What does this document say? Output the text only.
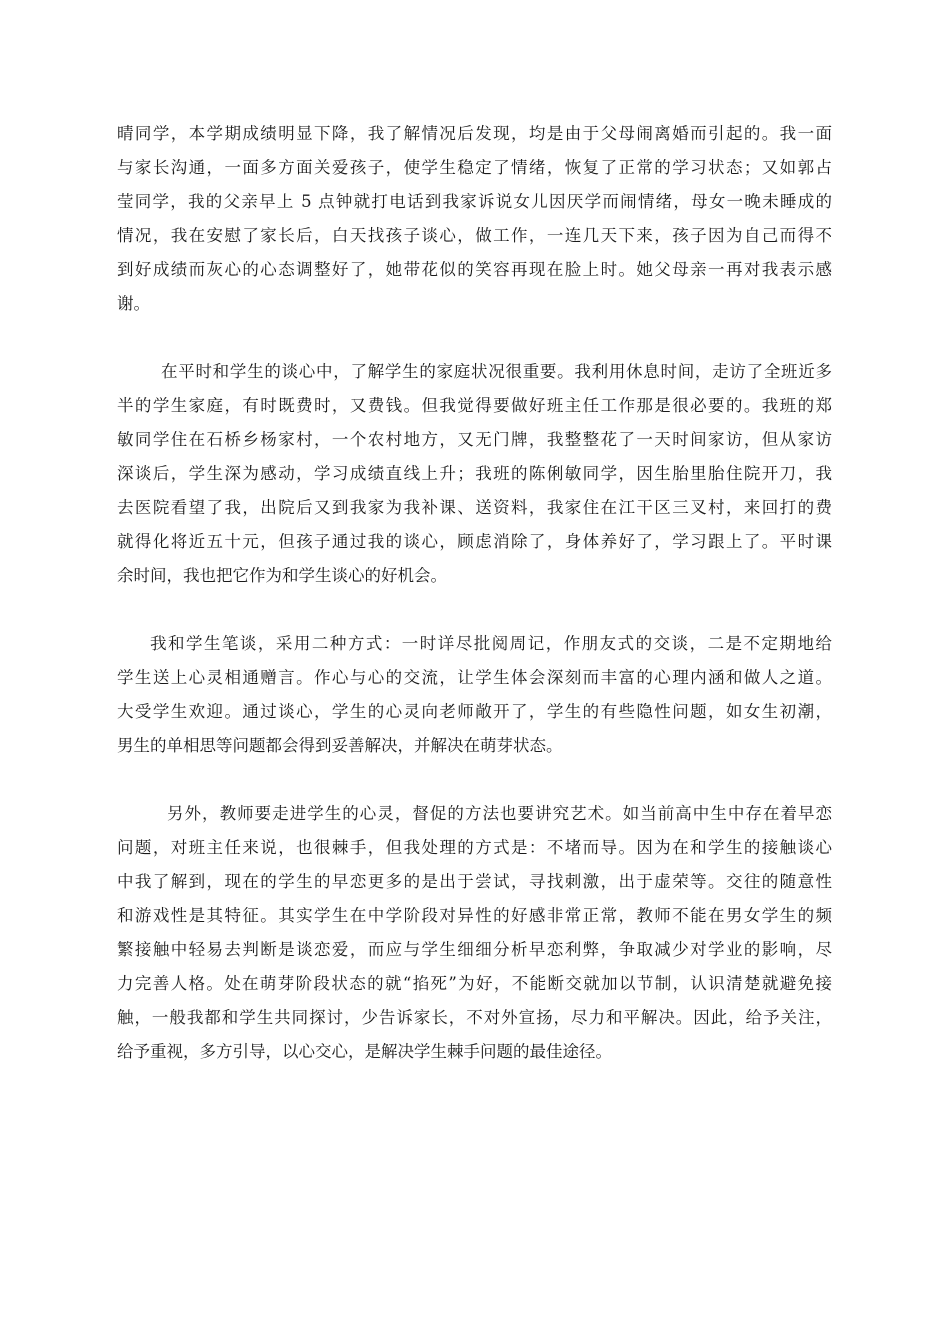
晴同学，本学期成绩明显下降，我了解情况后发现，均是由于父母闹离婚而引起的。我一面
与家长沟通，一面多方面关爱孩子，使学生稳定了情绪，恢复了正常的学习状态；又如郭占
莹同学，我的父亲早上 5 点钟就打电话到我家诉说女儿因厌学而闹情绪，母女一晚未睡成的
情况，我在安慰了家长后，白天找孩子谈心，做工作，一连几天下来，孩子因为自己而得不
到好成绩而灰心的心态调整好了，她带花似的笑容再现在脸上时。她父母亲一再对我表示感
谢。
在平时和学生的谈心中，了解学生的家庭状况很重要。我利用休息时间，走访了全班近多
半的学生家庭，有时既费时，又费钱。但我觉得要做好班主任工作那是很必要的。我班的郑
敏同学住在石桥乡杨家村，一个农村地方，又无门牌，我整整花了一天时间家访，但从家访
深谈后，学生深为感动，学习成绩直线上升；我班的陈俐敏同学，因生胎里胎住院开刀，我
去医院看望了我，出院后又到我家为我补课、送资料，我家住在江干区三叉村，来回打的费
就得化将近五十元，但孩子通过我的谈心，顾虑消除了，身体养好了，学习跟上了。平时课
余时间，我也把它作为和学生谈心的好机会。
我和学生笔谈，采用二种方式：一时详尽批阅周记，作朋友式的交谈，二是不定期地给
学生送上心灵相通赠言。作心与心的交流，让学生体会深刻而丰富的心理内涵和做人之道。
大受学生欢迎。通过谈心，学生的心灵向老师敞开了，学生的有些隐性问题，如女生初潮，
男生的单相思等问题都会得到妥善解决，并解决在萌芽状态。
另外，教师要走进学生的心灵，督促的方法也要讲究艺术。如当前高中生中存在着早恋
问题，对班主任来说，也很棘手，但我处理的方式是：不堵而导。因为在和学生的接触谈心
中我了解到，现在的学生的早恋更多的是出于尝试，寻找刺激，出于虚荣等。交往的随意性
和游戏性是其特征。其实学生在中学阶段对异性的好感非常正常，教师不能在男女学生的频
繁接触中轻易去判断是谈恋爱，而应与学生细细分析早恋利弊，争取减少对学业的影响，尽
力完善人格。处在萌芽阶段状态的就“掐死”为好，不能断交就加以节制，认识清楚就避免接
触，一般我都和学生共同探讨，少告诉家长，不对外宣扬，尽力和平解决。因此，给予关注，
给予重视，多方引导，以心交心，是解决学生棘手问题的最佳途径。
